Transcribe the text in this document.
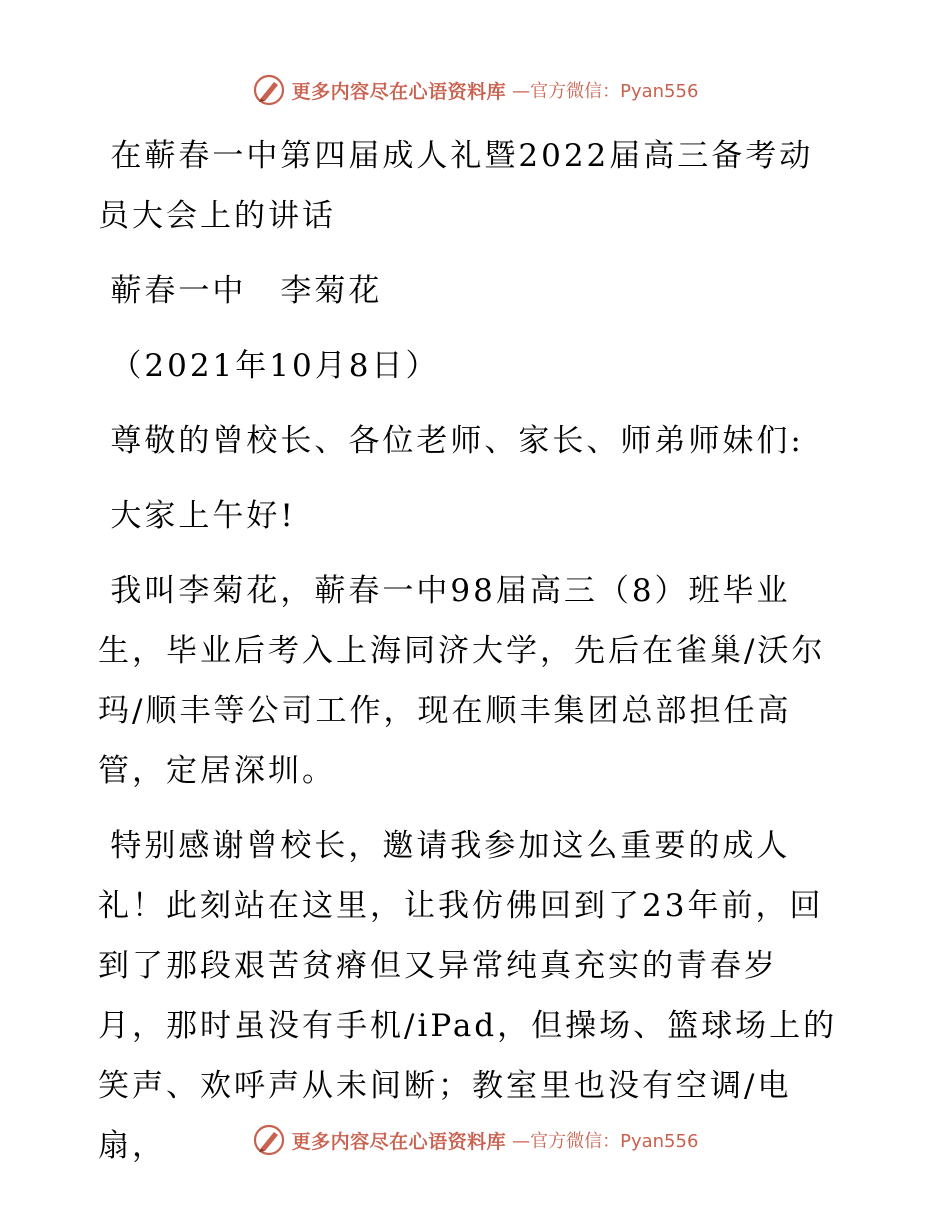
更多内容尽在心语资料库 —官方微信：Pyan556

在蕲春一中第四届成人礼暨2022届高三备考动员大会上的讲话

蕲春一中　李菊花

（2021年10月8日）

尊敬的曾校长、各位老师、家长、师弟师妹们:

大家上午好!

我叫李菊花，蕲春一中98届高三（8）班毕业生，毕业后考入上海同济大学，先后在雀巢/沃尔玛/顺丰等公司工作，现在顺丰集团总部担任高管，定居深圳。

特别感谢曾校长，邀请我参加这么重要的成人礼！此刻站在这里，让我仿佛回到了23年前，回到了那段艰苦贫瘠但又异常纯真充实的青春岁月，那时虽没有手机/iPad，但操场、篮球场上的笑声、欢呼声从未间断；教室里也没有空调/电扇，	更多内容尽在心语资料库 —官方微信：Pyan556
